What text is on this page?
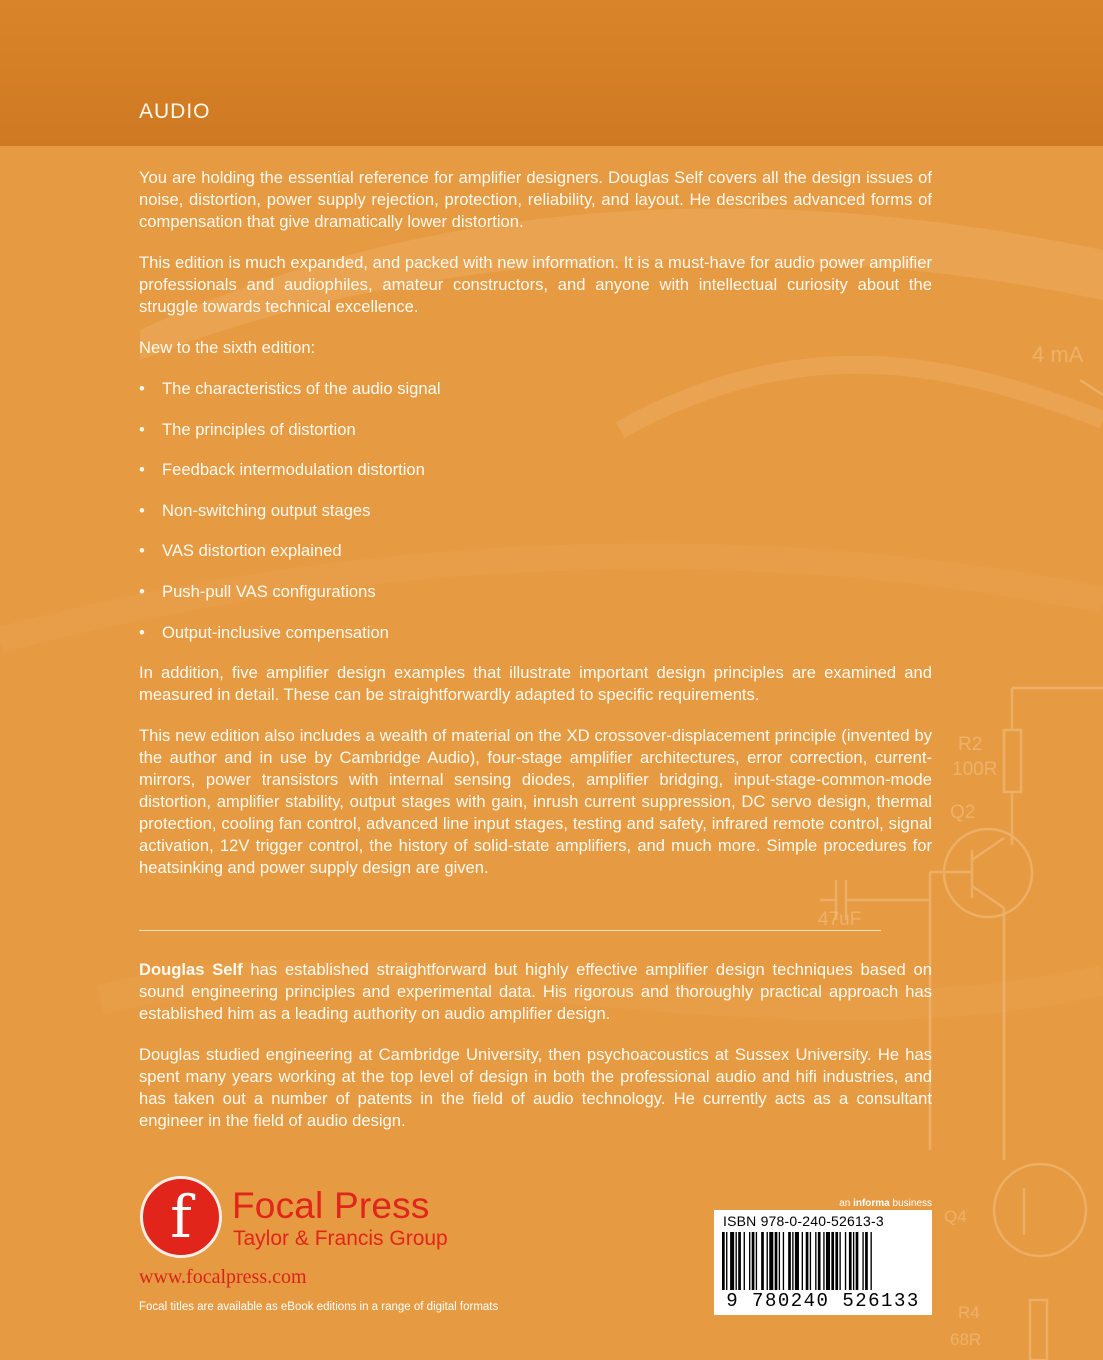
4 mA
R2
100R
Q2
47uF
Q4
R4
68R
AUDIO

You are holding the essential reference for amplifier designers. Douglas Self covers all the design issues of noise, distortion, power supply rejection, protection, reliability, and layout. He describes advanced forms of compensation that give dramatically lower distortion.

This edition is much expanded, and packed with new information. It is a must-have for audio power amplifier professionals and audiophiles, amateur constructors, and anyone with intellectual curiosity about the struggle towards technical excellence.

New to the sixth edition:

• The characteristics of the audio signal
• The principles of distortion
• Feedback intermodulation distortion
• Non-switching output stages
• VAS distortion explained
• Push-pull VAS configurations
• Output-inclusive compensation

In addition, five amplifier design examples that illustrate important design principles are examined and measured in detail. These can be straightforwardly adapted to specific requirements.

This new edition also includes a wealth of material on the XD crossover-displacement principle (invented by the author and in use by Cambridge Audio), four-stage amplifier architectures, error correction, current-mirrors, power transistors with internal sensing diodes, amplifier bridging, input-stage-common-mode distortion, amplifier stability, output stages with gain, inrush current suppression, DC servo design, thermal protection, cooling fan control, advanced line input stages, testing and safety, infrared remote control, signal activation, 12V trigger control, the history of solid-state amplifiers, and much more. Simple procedures for heatsinking and power supply design are given.

Douglas Self has established straightforward but highly effective amplifier design techniques based on sound engineering principles and experimental data. His rigorous and thoroughly practical approach has established him as a leading authority on audio amplifier design.

Douglas studied engineering at Cambridge University, then psychoacoustics at Sussex University. He has spent many years working at the top level of design in both the professional audio and hifi industries, and has taken out a number of patents in the field of audio technology. He currently acts as a consultant engineer in the field of audio design.

f	Focal Press
Taylor & Francis Group
www.focalpress.com
Focal titles are available as eBook editions in a range of digital formats
an informa business
ISBN 978-0-240-52613-3
9 780240 526133
